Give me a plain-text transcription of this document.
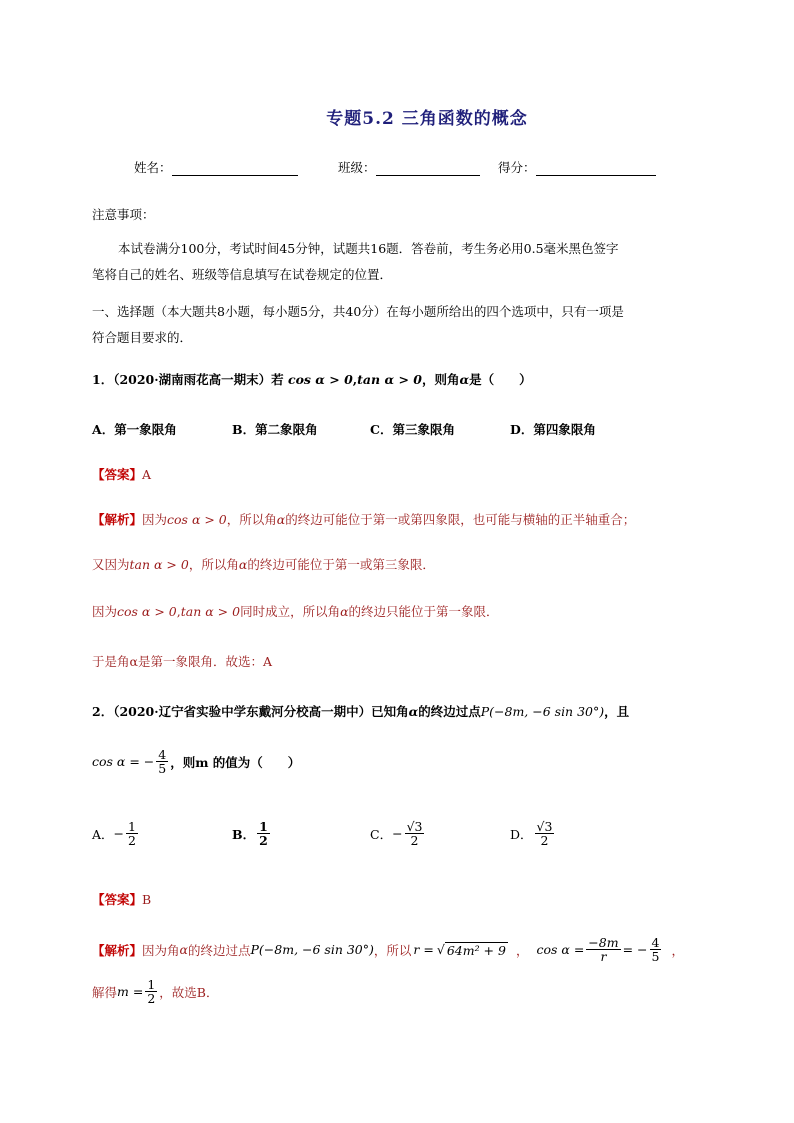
专题5.2 三角函数的概念
姓名：	班级：	得分：
注意事项：
本试卷满分100分，考试时间45分钟，试题共16题．答卷前，考生务必用0.5毫米黑色签字
笔将自己的姓名、班级等信息填写在试卷规定的位置．
一、选择题（本大题共8小题，每小题5分，共40分）在每小题所给出的四个选项中，只有一项是
符合题目要求的．
1．（2020·湖南雨花高一期末）若 cos α > 0,tan α > 0，则角α是（　　）
A．第一象限角	B．第二象限角	C．第三象限角	D．第四象限角
【答案】A
【解析】因为cos α > 0，所以角α的终边可能位于第一或第四象限，也可能与横轴的正半轴重合；
又因为tan α > 0，所以角α的终边可能位于第一或第三象限．
因为cos α > 0,tan α > 0同时成立，所以角α的终边只能位于第一象限．
于是角α是第一象限角．故选：A
2．（2020·辽宁省实验中学东戴河分校高一期中）已知角α的终边过点P(−8m, −6 sin 30°)，且
cos α = − $\frac{4}{5}$ ，则m 的值为（　　）
A． − $\frac{1}{2}$	B． $\frac{1}{2}$	C． − $\frac{√3}{2}$	D． $\frac{√3}{2}$
【答案】B
【解析】 因为角 α 的终边过点 P(−8m, −6 sin 30°) ，所以 r = √ 64m² + 9 ， $\cos \alpha = \frac{-8m}{r}$ = − $\frac{4}{5}$ ，
解得 $m = \frac{1}{2}$ ，故选B．
